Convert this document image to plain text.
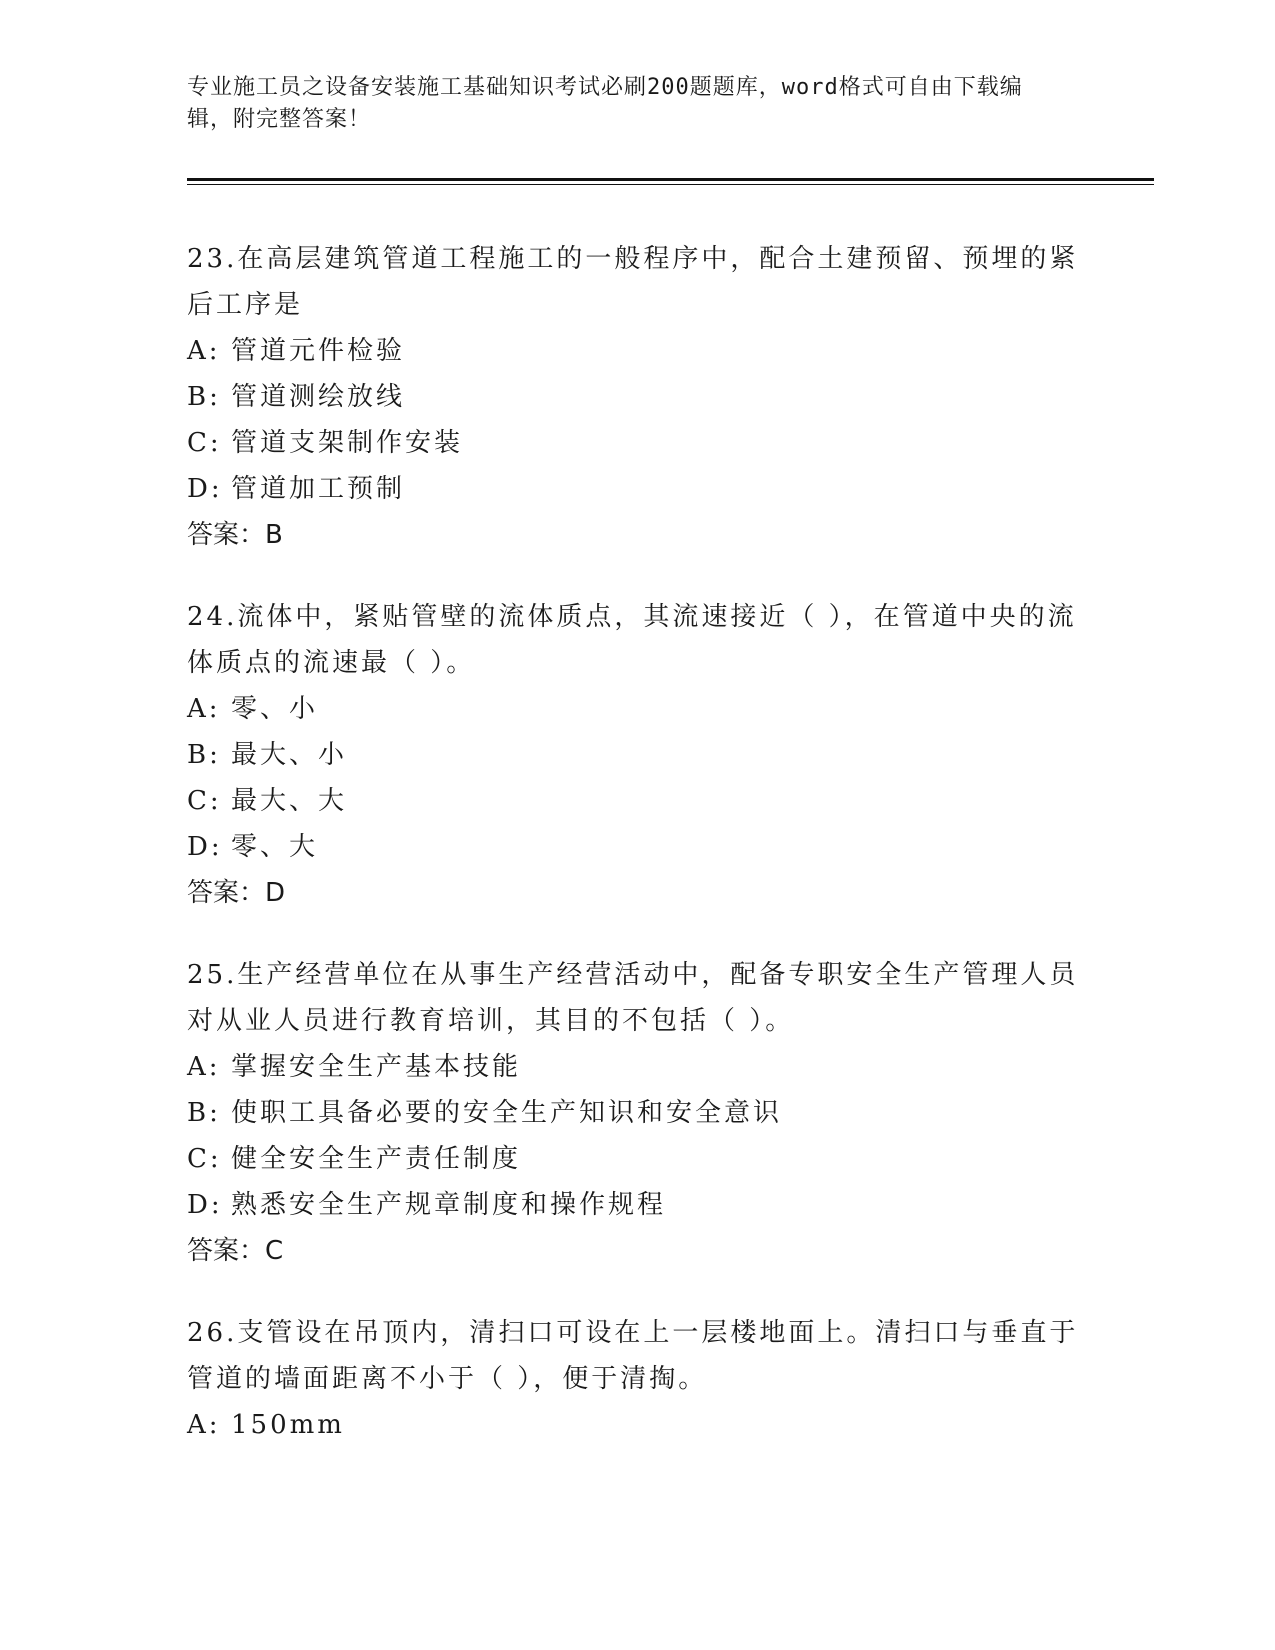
专业施工员之设备安装施工基础知识考试必刷200题题库，word格式可自由下载编辑，附完整答案！

23.在高层建筑管道工程施工的一般程序中，配合土建预留、预埋的紧后工序是

A: 管道元件检验

B: 管道测绘放线

C: 管道支架制作安装

D: 管道加工预制

答案：B

24.流体中，紧贴管壁的流体质点，其流速接近（ ），在管道中央的流体质点的流速最（ ）。

A: 零、小

B: 最大、小

C: 最大、大

D: 零、大

答案：D

25.生产经营单位在从事生产经营活动中，配备专职安全生产管理人员对从业人员进行教育培训，其目的不包括（ ）。

A: 掌握安全生产基本技能

B: 使职工具备必要的安全生产知识和安全意识

C: 健全安全生产责任制度

D: 熟悉安全生产规章制度和操作规程

答案：C

26.支管设在吊顶内，清扫口可设在上一层楼地面上。清扫口与垂直于管道的墙面距离不小于（ ），便于清掏。

A: 150mm
